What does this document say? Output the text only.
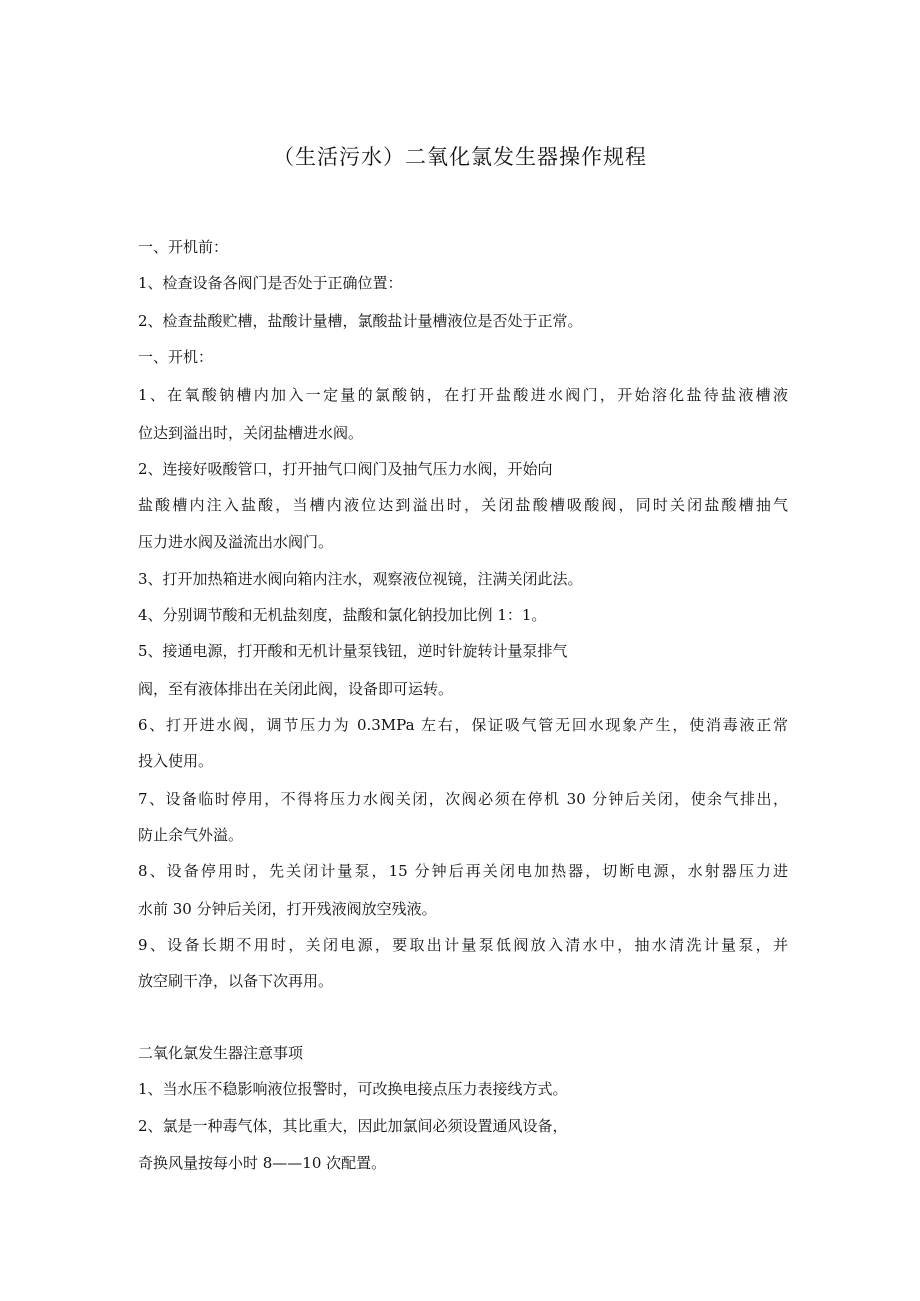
（生活污水）二氧化氯发生器操作规程
一、开机前：
1、检查设备各阀门是否处于正确位置：
2、检查盐酸贮槽，盐酸计量槽，氯酸盐计量槽液位是否处于正常。
一、开机：
1、在氧酸钠槽内加入一定量的氯酸钠，在打开盐酸进水阀门，开始溶化盐待盐液槽液
位达到溢出时，关闭盐槽进水阀。
2、连接好吸酸管口，打开抽气口阀门及抽气压力水阀，开始向
盐酸槽内注入盐酸，当槽内液位达到溢出时，关闭盐酸槽吸酸阀，同时关闭盐酸槽抽气
压力进水阀及溢流出水阀门。
3、打开加热箱进水阀向箱内注水，观察液位视镜，注满关闭此法。
4、分别调节酸和无机盐刻度，盐酸和氯化钠投加比例 1：1。
5、接通电源，打开酸和无机计量泵钱钮，逆时针旋转计量泵排气
阀，至有液体排出在关闭此阀，设备即可运转。
6、打开进水阀，调节压力为 0.3MPa 左右，保证吸气管无回水现象产生，使消毒液正常
投入使用。
7、设备临时停用，不得将压力水阀关闭，次阀必须在停机 30 分钟后关闭，使余气排出，
防止余气外溢。
8、设备停用时，先关闭计量泵，15 分钟后再关闭电加热器，切断电源，水射器压力进
水前 30 分钟后关闭，打开残液阀放空残液。
9、设备长期不用时，关闭电源，要取出计量泵低阀放入清水中，抽水清洗计量泵，并
放空刷干净，以备下次再用。
二氧化氯发生器注意事项
1、当水压不稳影响液位报警时，可改换电接点压力表接线方式。
2、氯是一种毒气体，其比重大，因此加氯间必须设置通风设备，
奇换风量按每小时 8——10 次配置。
